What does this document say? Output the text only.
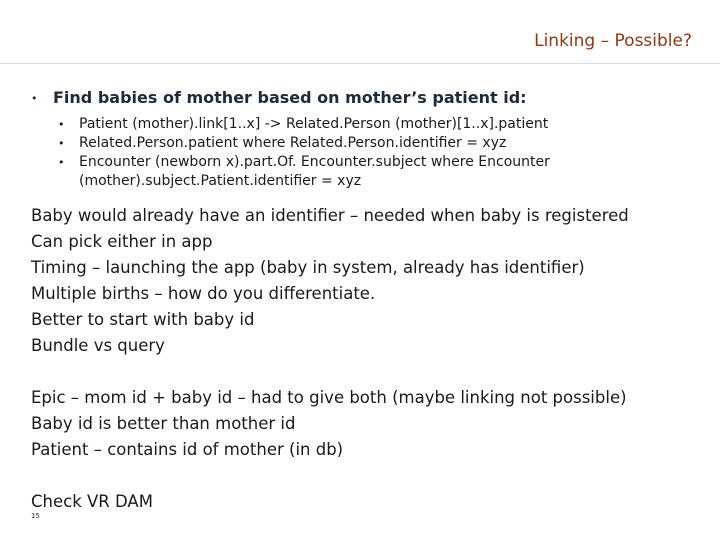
Linking – Possible?
• Find babies of mother based on mother’s patient id:
• Patient (mother).link[1..x] -> Related.Person (mother)[1..x].patient
• Related.Person.patient where Related.Person.identifier = xyz
• Encounter (newborn x).part.Of. Encounter.subject where Encounter (mother).subject.Patient.identifier = xyz
Baby would already have an identifier – needed when baby is registered
Can pick either in app
Timing – launching the app (baby in system, already has identifier)
Multiple births – how do you differentiate.
Better to start with baby id
Bundle vs query
Epic – mom id + baby id – had to give both (maybe linking not possible)
Baby id is better than mother id
Patient – contains id of mother (in db)
Check VR DAM
15
